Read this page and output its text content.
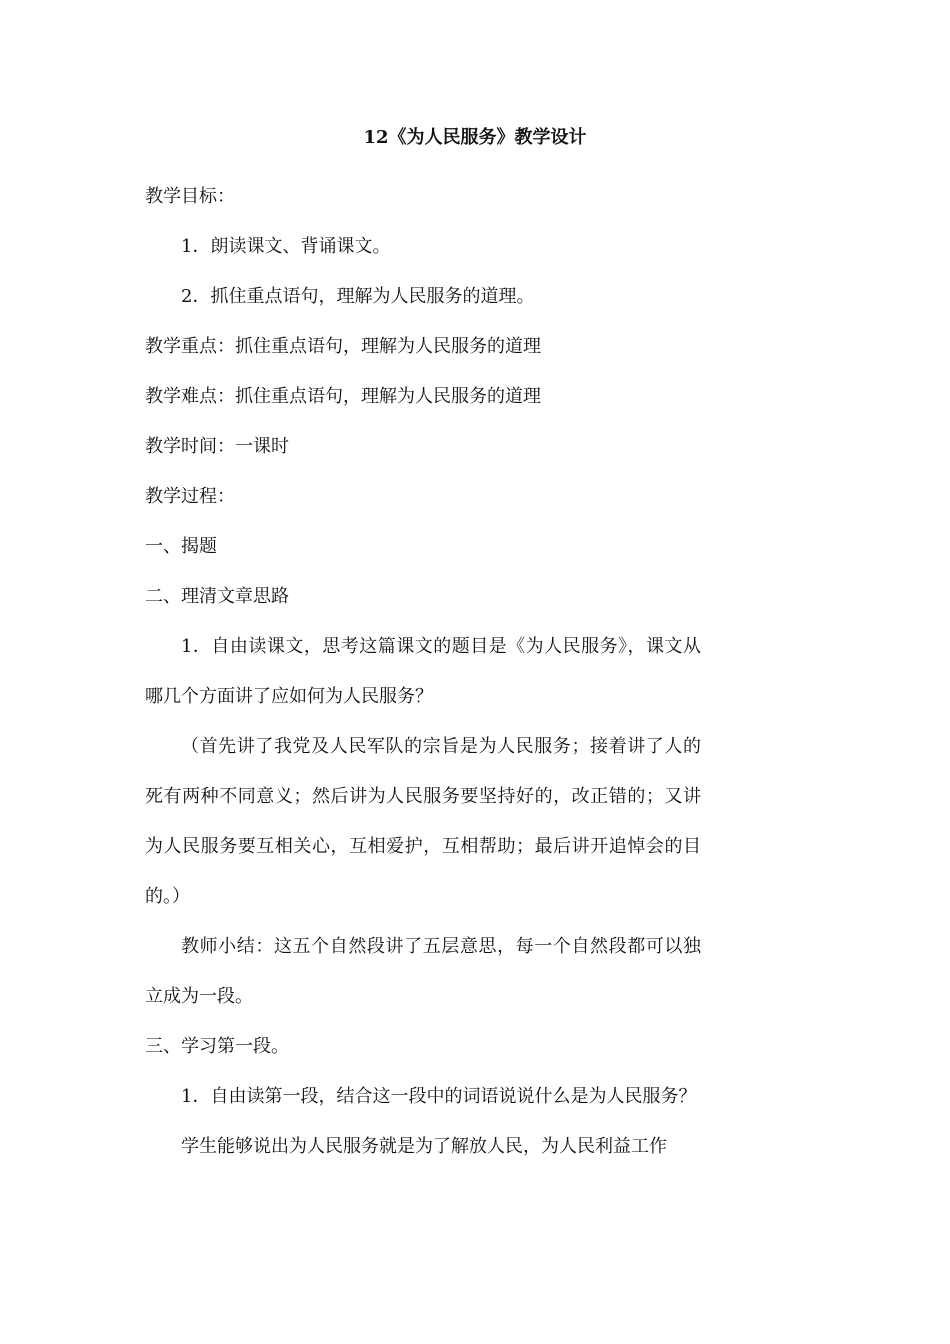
12《为人民服务》教学设计

教学目标：

1．朗读课文、背诵课文。

2．抓住重点语句，理解为人民服务的道理。

教学重点：抓住重点语句，理解为人民服务的道理

教学难点：抓住重点语句，理解为人民服务的道理

教学时间：一课时

教学过程：

一、揭题

二、理清文章思路

1．自由读课文，思考这篇课文的题目是《为人民服务》，课文从哪几个方面讲了应如何为人民服务？

（首先讲了我党及人民军队的宗旨是为人民服务；接着讲了人的死有两种不同意义；然后讲为人民服务要坚持好的，改正错的；又讲为人民服务要互相关心，互相爱护，互相帮助；最后讲开追悼会的目的。）

教师小结：这五个自然段讲了五层意思，每一个自然段都可以独立成为一段。

三、学习第一段。

1．自由读第一段，结合这一段中的词语说说什么是为人民服务？

学生能够说出为人民服务就是为了解放人民，为人民利益工作
